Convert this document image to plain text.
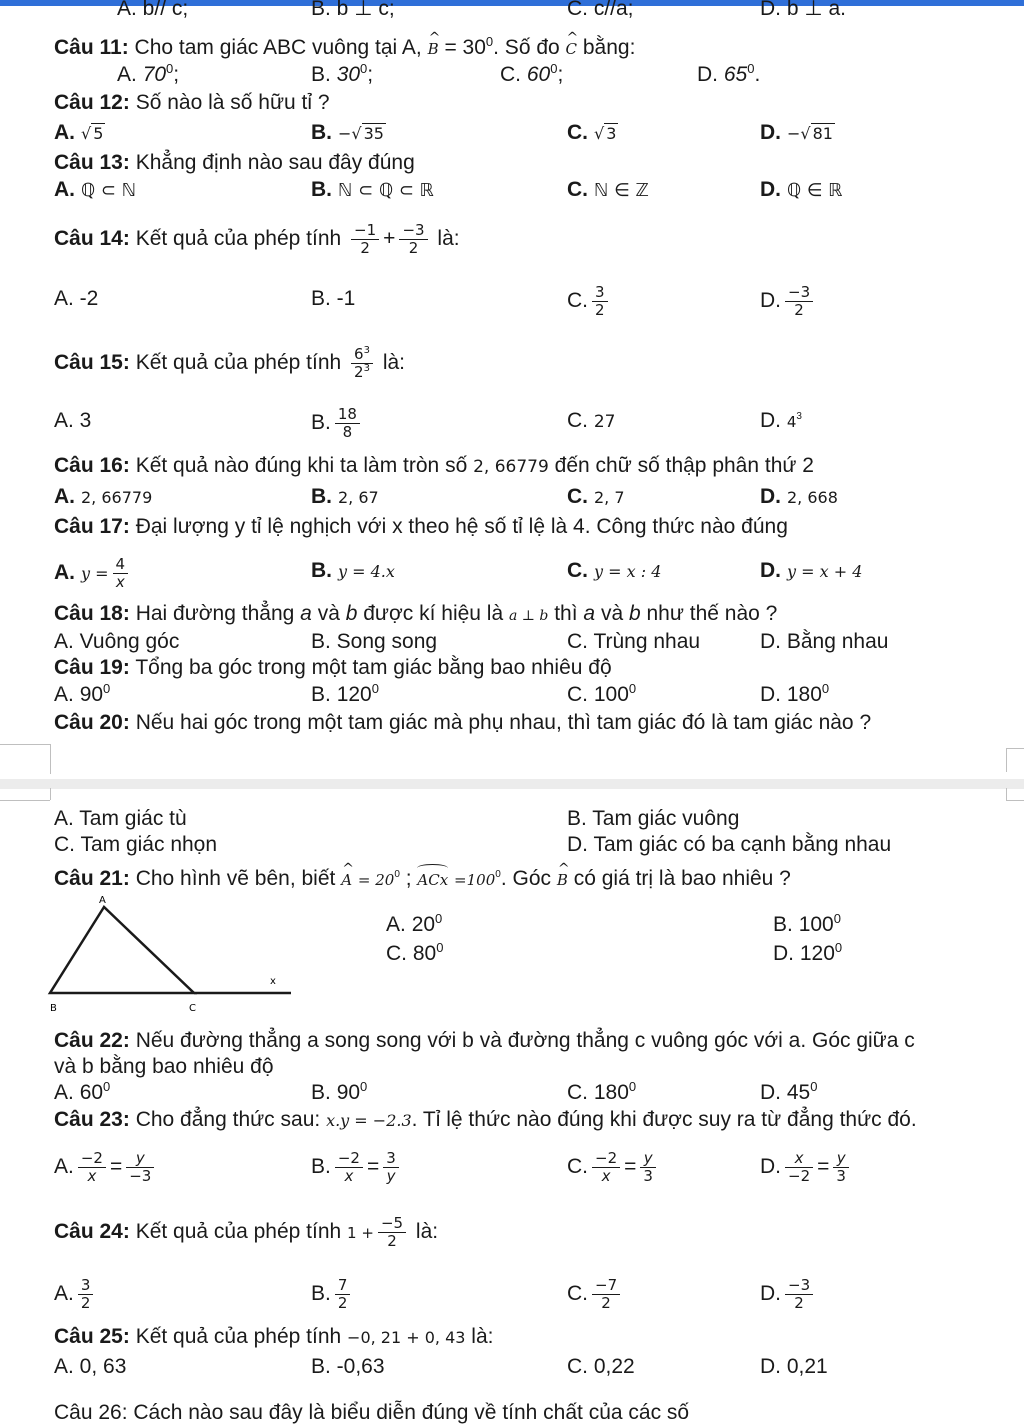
A. b// c;	B. b ⊥ c;	C. c//a;	D. b ⊥ a.
Câu 11: Cho tam giác ABC vuông tại A, ^ $B = 30^0$. Số đo ^ C bằng:
A. $70^0$;	B. $30^0$;	C. $60^0$;	D. $65^0$.
Câu 12: Số nào là số hữu tỉ ?
A. √ 5	B. −√ 35	C. √ 3	D. −√ 81
Câu 13: Khẳng định nào sau đây đúng
A. ℚ ⊂ ℕ	B. ℕ ⊂ ℚ ⊂ ℝ	C. ℕ ∈ ℤ	D. ℚ ∈ ℝ
Câu 14: Kết quả của phép tính $\frac{-1}{2} + \frac{-3}{2}$ là:
A. -2	B. -1	C. $\frac{3}{2}$	D. $\frac{-3}{2}$
Câu 15: Kết quả của phép tính $\frac{6^3}{2^3}$ là:
A. 3	B. $\frac{18}{8}$	C. 27	D. $4^3$
Câu 16: Kết quả nào đúng khi ta làm tròn số 2, 66779 đến chữ số thập phân thứ 2
A. 2, 66779	B. 2, 67	C. 2, 7	D. 2, 668
Câu 17: Đại lượng y tỉ lệ nghịch với x theo hệ số tỉ lệ là 4. Công thức nào đúng
A. $y = \frac{4}{x}$	B. y = 4.x	C. y = x : 4	D. y = x + 4
Câu 18: Hai đường thẳng a và b được kí hiệu là a ⊥ b thì a và b như thế nào ?
A. Vuông góc	B. Song song	C. Trùng nhau	D. Bằng nhau
Câu 19: Tổng ba góc trong một tam giác bằng bao nhiêu độ
A. $90^0$	B. $120^0$	C. $100^0$	D. $180^0$
Câu 20: Nếu hai góc trong một tam giác mà phụ nhau, thì tam giác đó là tam giác nào ?
A. Tam giác tù	B. Tam giác vuông
C. Tam giác nhọn	D. Tam giác có ba cạnh bằng nhau
Câu 21: Cho hình vẽ bên, biết ^ $A = 20^0$ ; ACx $=100^0$. Góc ^ B có giá trị là bao nhiêu ?
A
B	C
x
A. $20^0$	B. $100^0$
C. $80^0$	D. $120^0$
Câu 22: Nếu đường thẳng a song song với b và đường thẳng c vuông góc với a. Góc giữa c
và b bằng bao nhiêu độ
A. $60^0$	B. $90^0$	C. $180^0$	D. $45^0$
Câu 23: Cho đẳng thức sau: x.y = −2.3. Tỉ lệ thức nào đúng khi được suy ra từ đẳng thức đó.
A. $\frac{-2}{x} = \frac{y}{-3}$	B. $\frac{-2}{x} = \frac{3}{y}$	C. $\frac{-2}{x} = \frac{y}{3}$	D. $\frac{x}{-2} = \frac{y}{3}$
Câu 24: Kết quả của phép tính $1 + \frac{-5}{2}$ là:
A. $\frac{3}{2}$	B. $\frac{7}{2}$	C. $\frac{-7}{2}$	D. $\frac{-3}{2}$
Câu 25: Kết quả của phép tính −0, 21 + 0, 43 là:
A. 0, 63	B. -0,63	C. 0,22	D. 0,21
Câu 26: Cách nào sau đây là biểu diễn đúng về tính chất của các số
